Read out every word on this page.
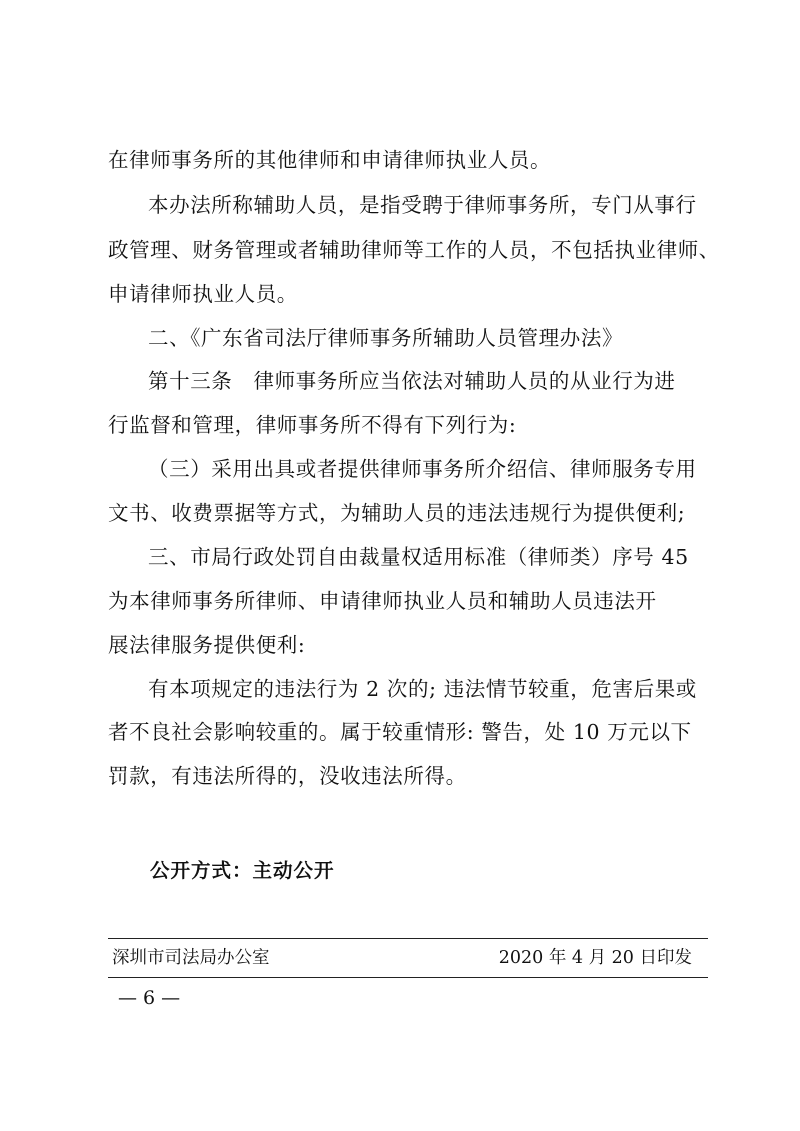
在律师事务所的其他律师和申请律师执业人员。
本办法所称辅助人员，是指受聘于律师事务所，专门从事行
政管理、财务管理或者辅助律师等工作的人员，不包括执业律师、
申请律师执业人员。
二、《广东省司法厅律师事务所辅助人员管理办法》
第十三条　律师事务所应当依法对辅助人员的从业行为进
行监督和管理，律师事务所不得有下列行为:
（三）采用出具或者提供律师事务所介绍信、律师服务专用
文书、收费票据等方式，为辅助人员的违法违规行为提供便利;
三、市局行政处罚自由裁量权适用标准（律师类）序号 45
为本律师事务所律师、申请律师执业人员和辅助人员违法开
展法律服务提供便利:
有本项规定的违法行为 2 次的; 违法情节较重，危害后果或
者不良社会影响较重的。属于较重情形: 警告，处 10 万元以下
罚款，有违法所得的，没收违法所得。
公开方式：主动公开
深圳市司法局办公室	2020 年 4 月 20 日印发
— 6 —
